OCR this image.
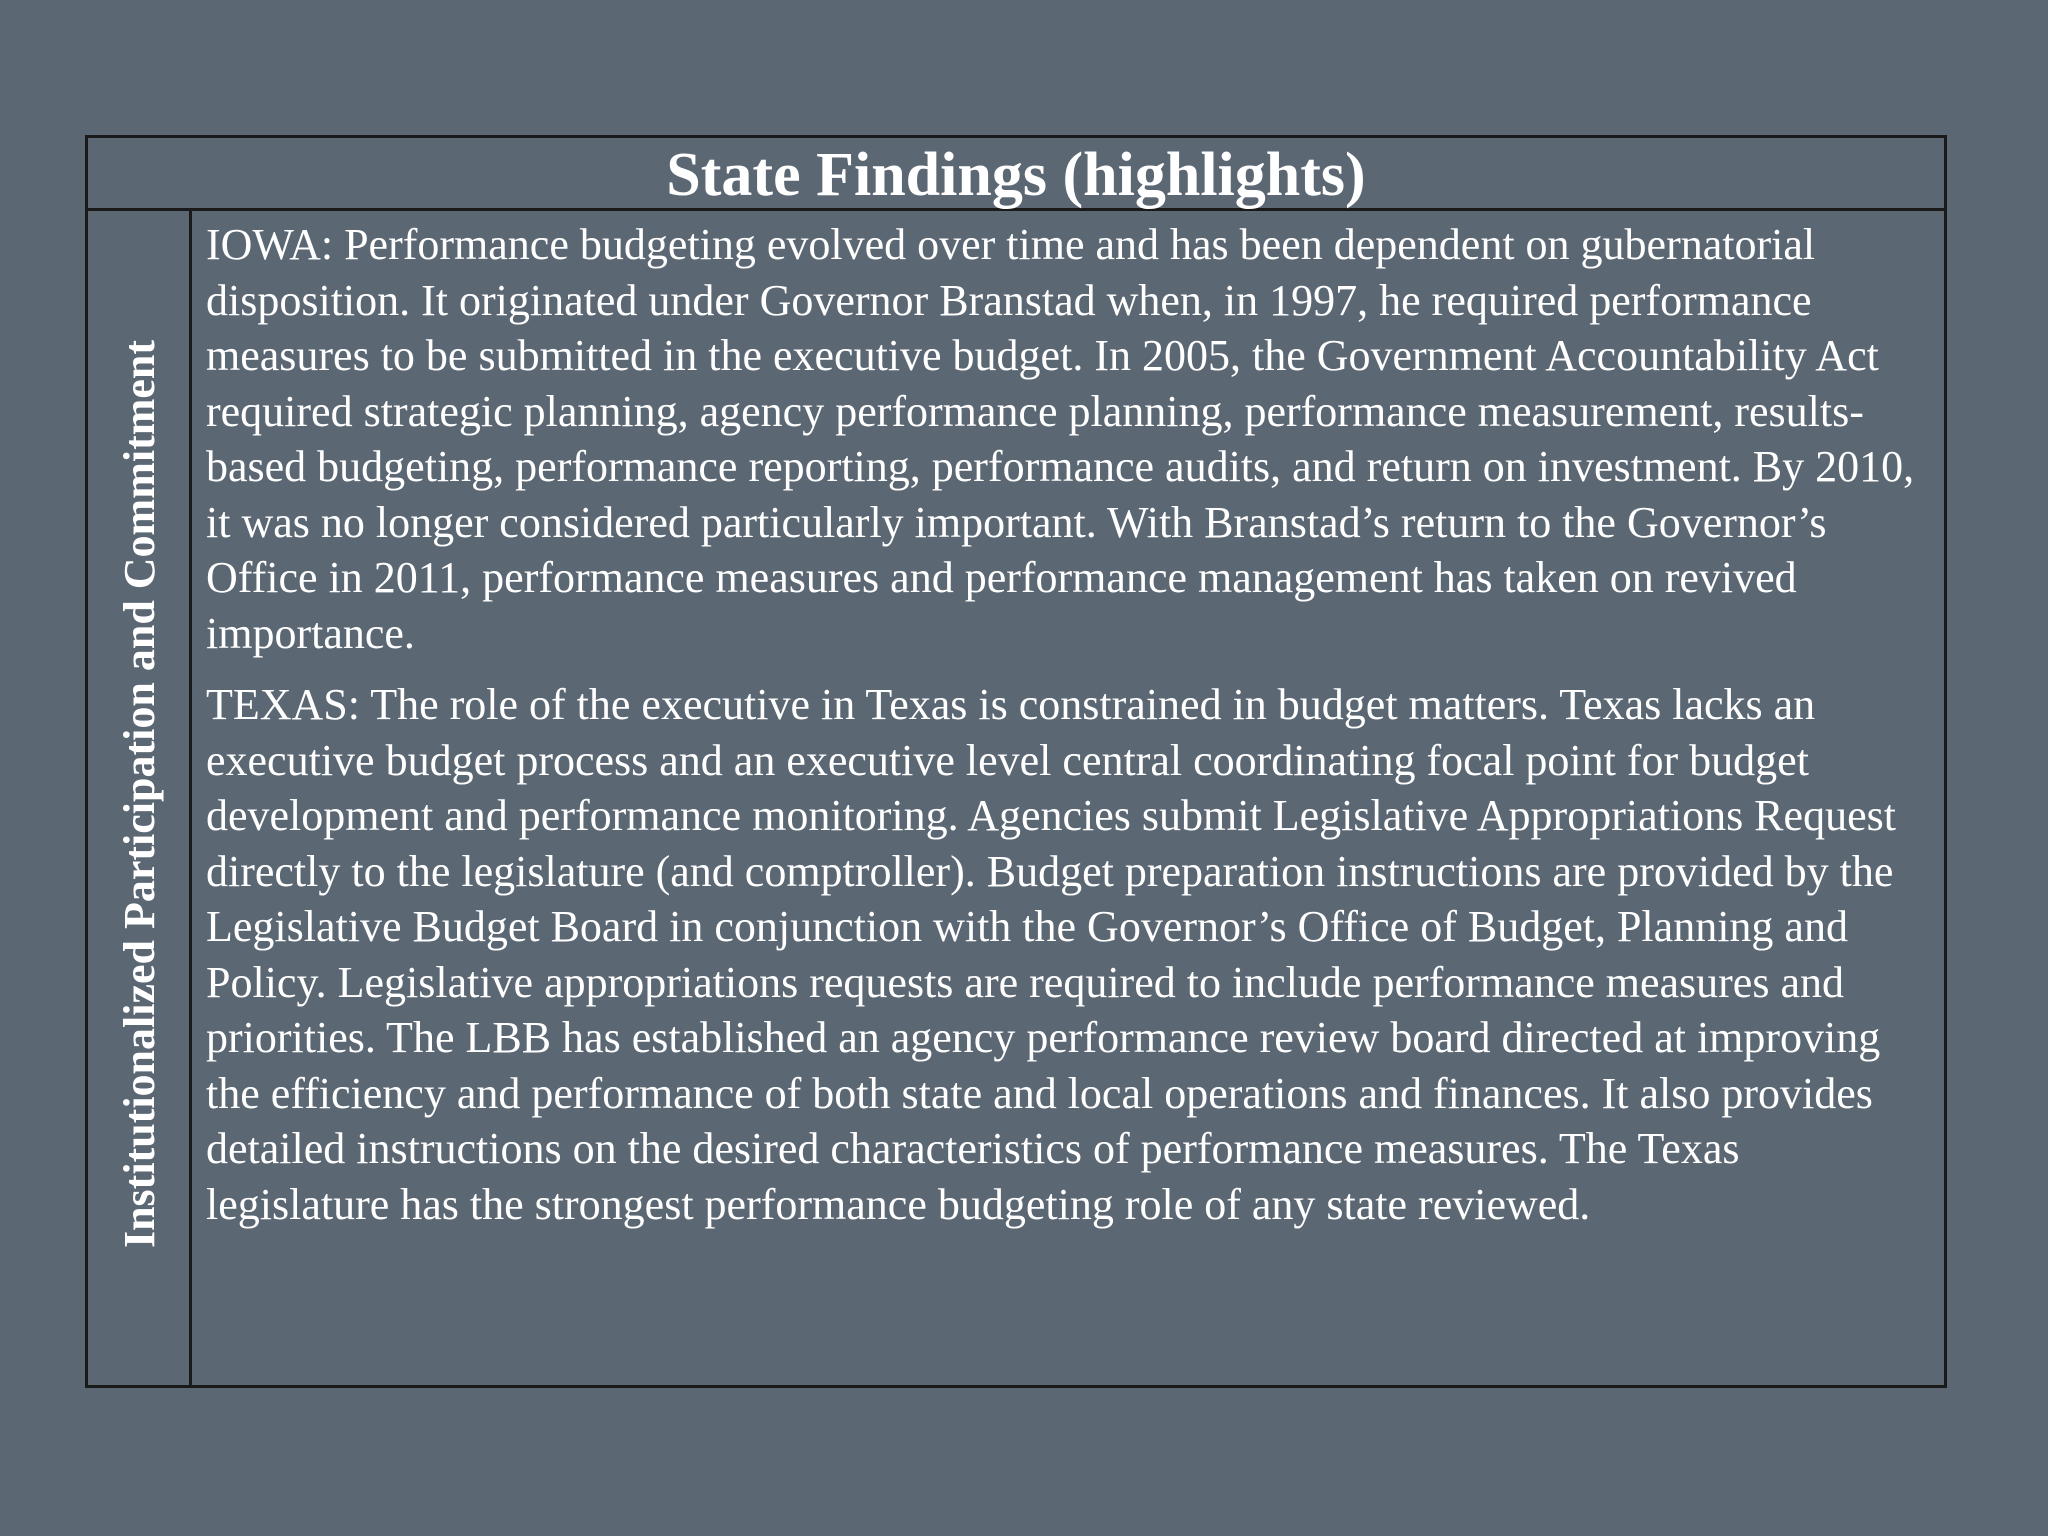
State Findings (highlights)
Institutionalized Participation and Commitment

IOWA: Performance budgeting evolved over time and has been dependent on gubernatorial disposition. It originated under Governor Branstad when, in 1997, he required performance measures to be submitted in the executive budget. In 2005, the Government Accountability Act required strategic planning, agency performance planning, performance measurement, results-based budgeting, performance reporting, performance audits, and return on investment. By 2010, it was no longer considered particularly important. With Branstad’s return to the Governor’s Office in 2011, performance measures and performance management has taken on revived importance.

TEXAS: The role of the executive in Texas is constrained in budget matters. Texas lacks an executive budget process and an executive level central coordinating focal point for budget development and performance monitoring. Agencies submit Legislative Appropriations Request directly to the legislature (and comptroller). Budget preparation instructions are provided by the Legislative Budget Board in conjunction with the Governor’s Office of Budget, Planning and Policy. Legislative appropriations requests are required to include performance measures and priorities. The LBB has established an agency performance review board directed at improving the efficiency and performance of both state and local operations and finances. It also provides detailed instructions on the desired characteristics of performance measures. The Texas legislature has the strongest performance budgeting role of any state reviewed.
